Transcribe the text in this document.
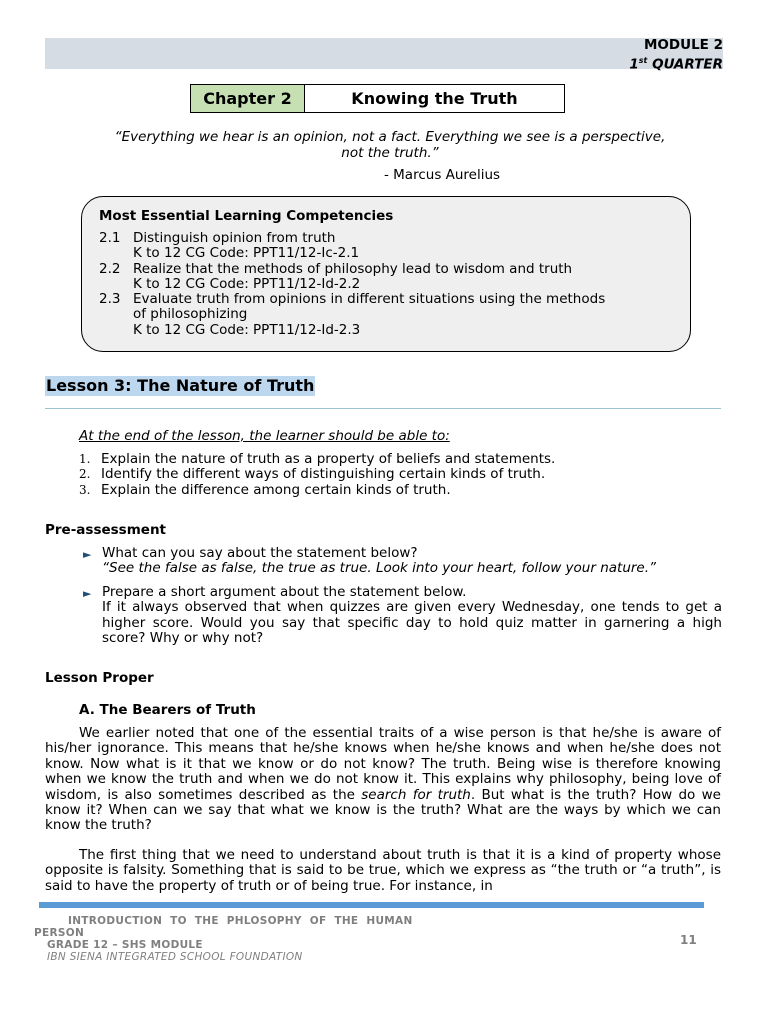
MODULE 2
1st QUARTER
Chapter 2	Knowing the Truth
“Everything we hear is an opinion, not a fact. Everything we see is a perspective, not the truth.”
- Marcus Aurelius
Most Essential Learning Competencies
2.1 Distinguish opinion from truth
K to 12 CG Code: PPT11/12-Ic-2.1
2.2 Realize that the methods of philosophy lead to wisdom and truth
K to 12 CG Code: PPT11/12-Id-2.2
2.3 Evaluate truth from opinions in different situations using the methods
of philosophizing
K to 12 CG Code: PPT11/12-Id-2.3
Lesson 3: The Nature of Truth
At the end of the lesson, the learner should be able to:
1. Explain the nature of truth as a property of beliefs and statements.
2. Identify the different ways of distinguishing certain kinds of truth.
3. Explain the difference among certain kinds of truth.
Pre-assessment
► What can you say about the statement below?
“See the false as false, the true as true. Look into your heart, follow your nature.”
► Prepare a short argument about the statement below.
If it always observed that when quizzes are given every Wednesday, one tends to get a higher score. Would you say that specific day to hold quiz matter in garnering a high score? Why or why not?
Lesson Proper
A. The Bearers of Truth
We earlier noted that one of the essential traits of a wise person is that he/she is aware of his/her ignorance. This means that he/she knows when he/she knows and when he/she does not know. Now what is it that we know or do not know? The truth. Being wise is therefore knowing when we know the truth and when we do not know it. This explains why philosophy, being love of wisdom, is also sometimes described as the search for truth. But what is the truth? How do we know it? When can we say that what we know is the truth? What are the ways by which we can know the truth?
The first thing that we need to understand about truth is that it is a kind of property whose opposite is falsity. Something that is said to be true, which we express as “the truth or “a truth”, is said to have the property of truth or of being true. For instance, in
INTRODUCTION TO THE PHLOSOPHY OF THE HUMAN
PERSON
GRADE 12 – SHS MODULE
IBN SIENA INTEGRATED SCHOOL FOUNDATION
11
